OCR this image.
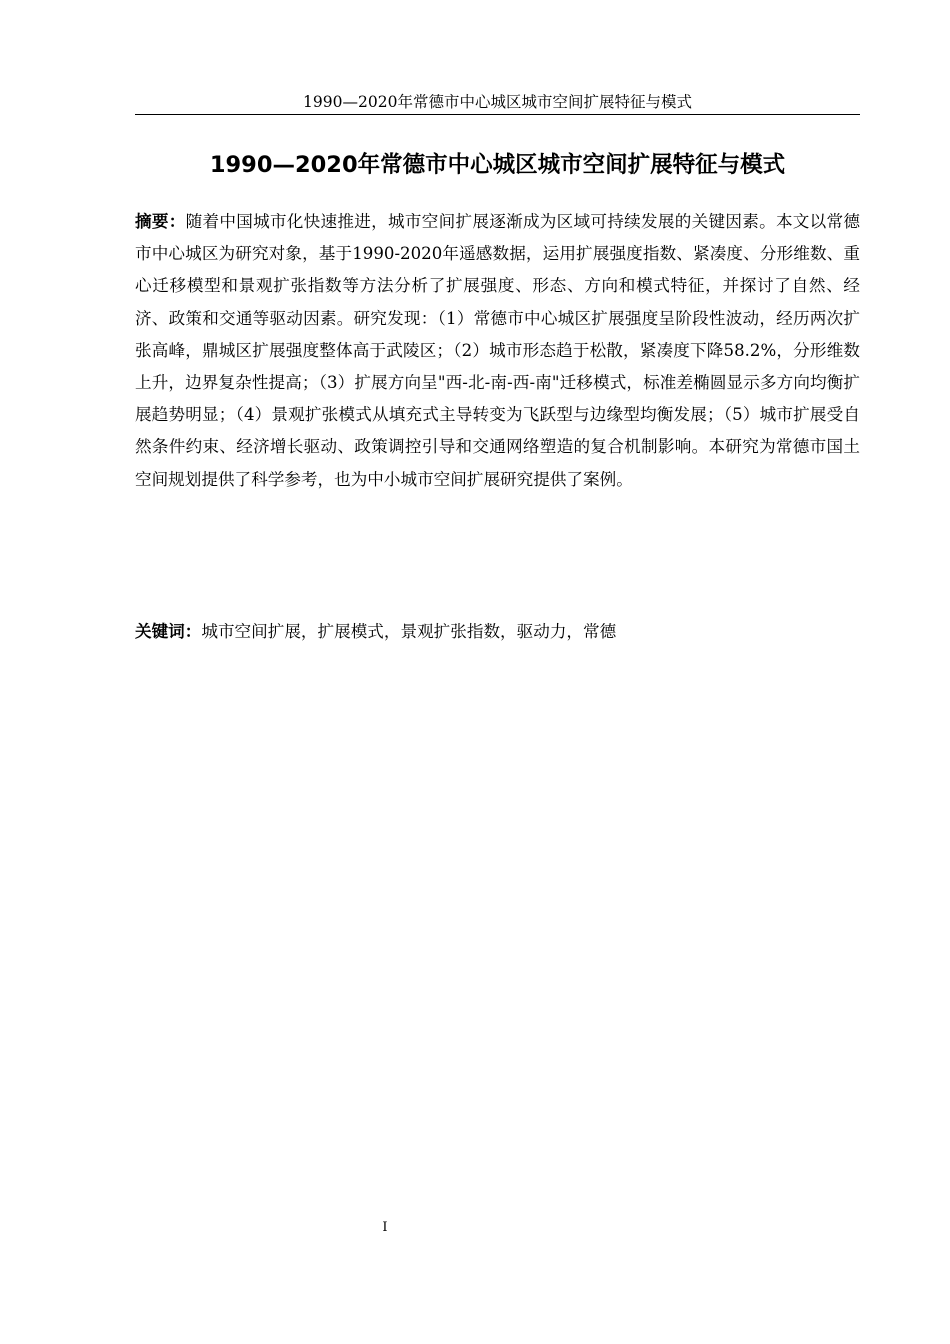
1990—2020年常德市中心城区城市空间扩展特征与模式
1990—2020年常德市中心城区城市空间扩展特征与模式

摘要：随着中国城市化快速推进，城市空间扩展逐渐成为区域可持续发展的关键因素。本文以常德市中心城区为研究对象，基于1990-2020年遥感数据，运用扩展强度指数、紧凑度、分形维数、重心迁移模型和景观扩张指数等方法分析了扩展强度、形态、方向和模式特征，并探讨了自然、经济、政策和交通等驱动因素。研究发现：（1）常德市中心城区扩展强度呈阶段性波动，经历两次扩张高峰，鼎城区扩展强度整体高于武陵区；（2）城市形态趋于松散，紧凑度下降58.2%，分形维数上升，边界复杂性提高；（3）扩展方向呈"西-北-南-西-南"迁移模式，标准差椭圆显示多方向均衡扩展趋势明显；（4）景观扩张模式从填充式主导转变为飞跃型与边缘型均衡发展；（5）城市扩展受自然条件约束、经济增长驱动、政策调控引导和交通网络塑造的复合机制影响。本研究为常德市国土空间规划提供了科学参考，也为中小城市空间扩展研究提供了案例。

关键词：城市空间扩展，扩展模式，景观扩张指数，驱动力，常德

I
